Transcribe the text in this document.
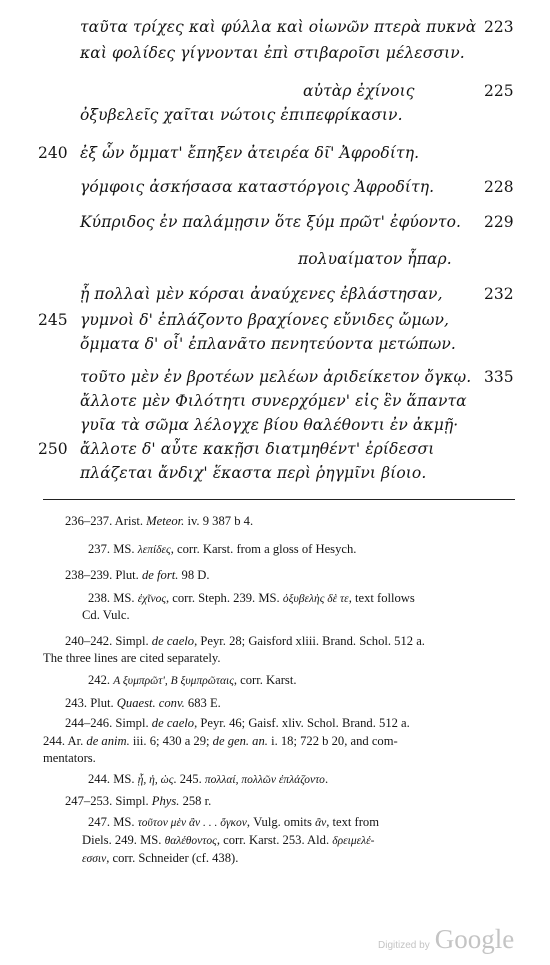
ταῦτα τρίχες καὶ φύλλα καὶ οἰωνῶν πτερὰ πυκνὰ 223
καὶ φολίδες γίγνονται ἐπὶ στιβαροῖσι μέλεσσιν.
αὐτὰρ ἐχίνοις	225
ὀξυβελεῖς χαῖται νώτοις ἐπιπεφρίκασιν.
240 ἐξ ὧν ὄμματ' ἔπηξεν ἀτειρέα δῖ' Ἀφροδίτη.
γόμφοις ἀσκήσασα καταστόργοις Ἀφροδίτη.	228
Κύπριδος ἐν παλάμῃσιν ὅτε ξύμ πρῶτ' ἐφύοντο. 229
πολυαίματον ἧπαρ.
ᾗ πολλαὶ μὲν κόρσαι ἀναύχενες ἐβλάστησαν,	232
245 γυμνοὶ δ' ἐπλάζοντο βραχίονες εὔνιδες ὤμων,
ὄμματα δ' οἷ' ἐπλανᾶτο πενητεύοντα μετώπων.
τοῦτο μὲν ἐν βροτέων μελέων ἀριδείκετον ὄγκῳ. 335
ἄλλοτε μὲν Φιλότητι συνερχόμεν' εἰς ἓν ἅπαντα
γυῖα τὰ σῶμα λέλογχε βίου θαλέθοντι ἐν ἀκμῇ·
250 ἄλλοτε δ' αὖτε κακῇσι διατμηθέντ' ἐρίδεσσι
πλάζεται ἄνδιχ' ἕκαστα περὶ ῥηγμῖνι βίοιο.
236–237. Arist. Meteor. iv. 9 387 b 4.
237. MS. λεπίδες, corr. Karst. from a gloss of Hesych.
238–239. Plut. de fort. 98 D.
238. MS. ἐχῖνος, corr. Steph. 239. MS. ὀξυβελὴς δὲ τε, text follows
Cd. Vulc.
240–242. Simpl. de caelo, Peyr. 28; Gaisford xliii. Brand. Schol. 512 a.
The three lines are cited separately.
242. A ξυμπρῶτ', B ξυμπρῶταις, corr. Karst.
243. Plut. Quaest. conv. 683 E.
244–246. Simpl. de caelo, Peyr. 46; Gaisf. xliv. Schol. Brand. 512 a.
244. Ar. de anim. iii. 6; 430 a 29; de gen. an. i. 18; 722 b 20, and com-
mentators.
244. MS. ᾗ, ἡ, ὡς. 245. πολλαί, πολλῶν ἐπλάζοντο.
247–253. Simpl. Phys. 258 r.
247. MS. τοῦτον μὲν ἂν . . . ὄγκον, Vulg. omits ἂν, text from
Diels. 249. MS. θαλέθοντος, corr. Karst. 253. Ald. δρειμελέ-
εσσιν, corr. Schneider (cf. 438).
Digitized by Google
